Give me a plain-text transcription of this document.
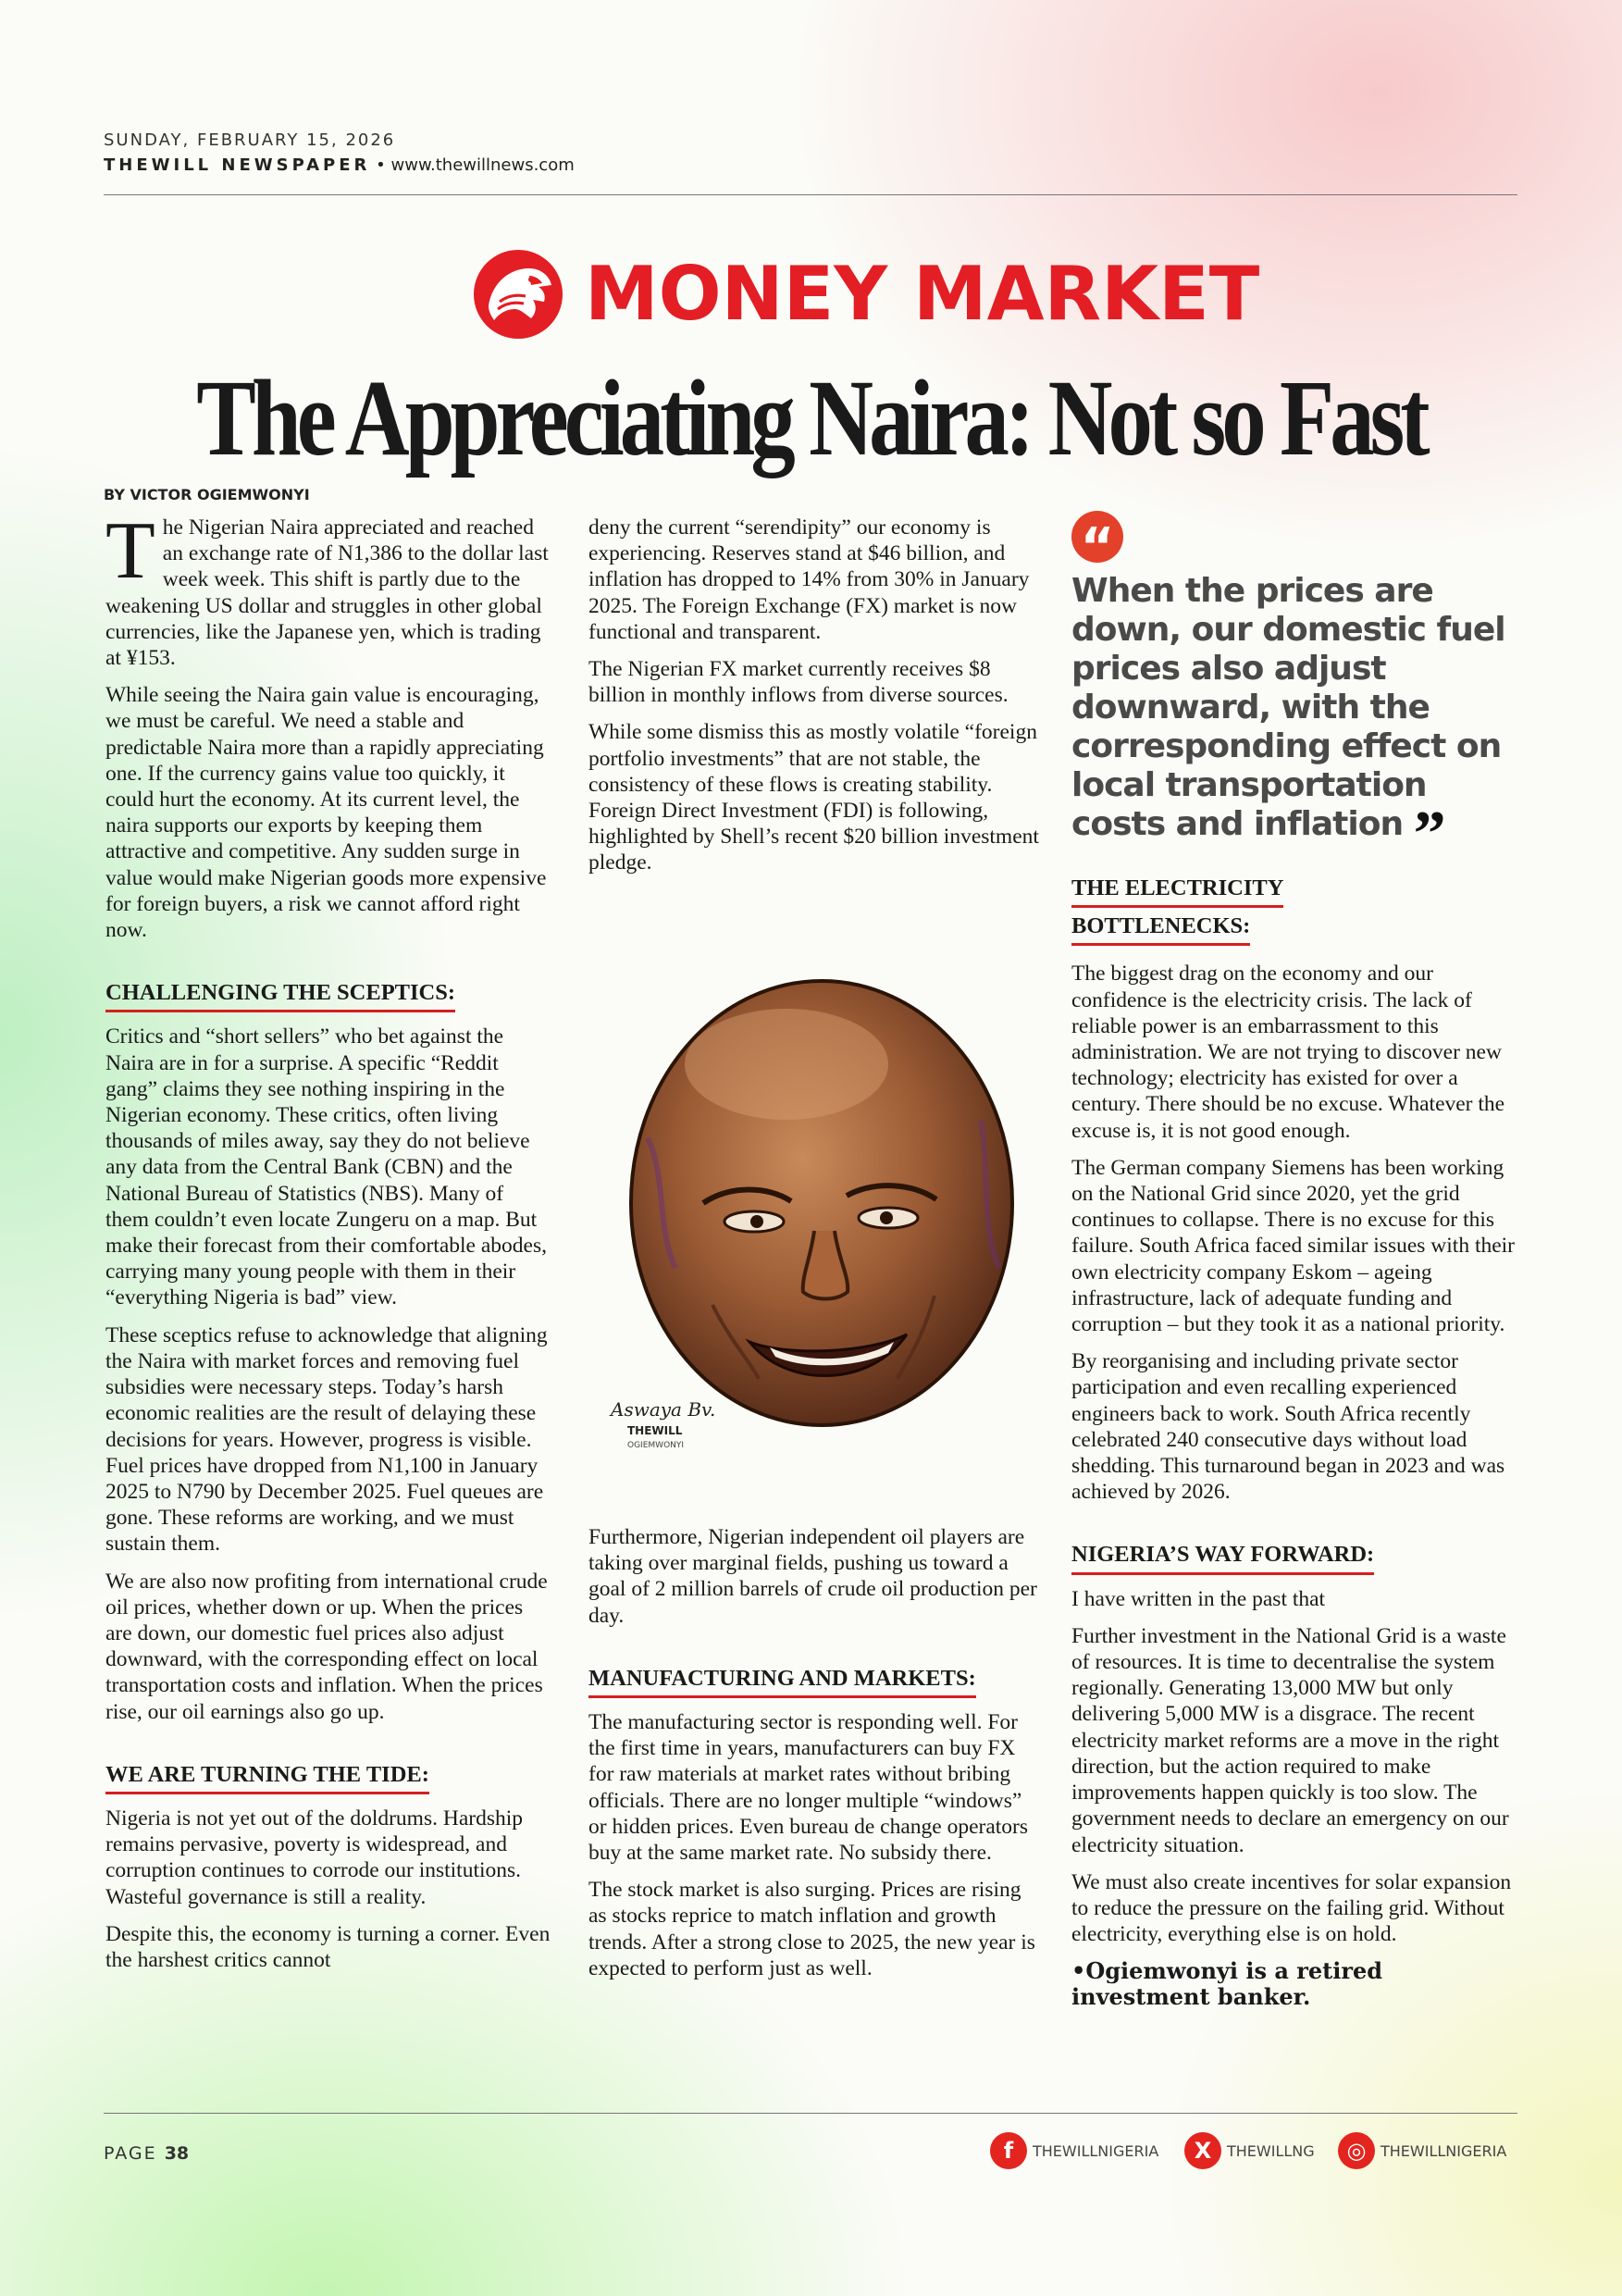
SUNDAY, FEBRUARY 15, 2026
THEWILL NEWSPAPER • www.thewillnews.com
MONEY MARKET
The Appreciating Naira: Not so Fast
BY VICTOR OGIEMWONYI

The Nigerian Naira appreciated and reached an exchange rate of N1,386 to the dollar last week week. This shift is partly due to the weakening US dollar and struggles in other global currencies, like the Japanese yen, which is trading at ¥153.

While seeing the Naira gain value is encouraging, we must be careful. We need a stable and predictable Naira more than a rapidly appreciating one. If the currency gains value too quickly, it could hurt the economy. At its current level, the naira supports our exports by keeping them attractive and competitive. Any sudden surge in value would make Nigerian goods more expensive for foreign buyers, a risk we cannot afford right now.

CHALLENGING THE SCEPTICS:

Critics and “short sellers” who bet against the Naira are in for a surprise. A specific “Reddit gang” claims they see nothing inspiring in the Nigerian economy. These critics, often living thousands of miles away, say they do not believe any data from the Central Bank (CBN) and the National Bureau of Statistics (NBS). Many of them couldn’t even locate Zungeru on a map. But make their forecast from their comfortable abodes, carrying many young people with them in their “everything Nigeria is bad” view.

These sceptics refuse to acknowledge that aligning the Naira with market forces and removing fuel subsidies were necessary steps. Today’s harsh economic realities are the result of delaying these decisions for years. However, progress is visible. Fuel prices have dropped from N1,100 in January 2025 to N790 by December 2025. Fuel queues are gone. These reforms are working, and we must sustain them.

We are also now profiting from international crude oil prices, whether down or up. When the prices are down, our domestic fuel prices also adjust downward, with the corresponding effect on local transportation costs and inflation. When the prices rise, our oil earnings also go up.

WE ARE TURNING THE TIDE:

Nigeria is not yet out of the doldrums. Hardship remains pervasive, poverty is widespread, and corruption continues to corrode our institutions. Wasteful governance is still a reality.

Despite this, the economy is turning a corner. Even the harshest critics cannot

deny the current “serendipity” our economy is experiencing. Reserves stand at $46 billion, and inflation has dropped to 14% from 30% in January 2025. The Foreign Exchange (FX) market is now functional and transparent.

The Nigerian FX market currently receives $8 billion in monthly inflows from diverse sources.

While some dismiss this as mostly volatile “foreign portfolio investments” that are not stable, the consistency of these flows is creating stability. Foreign Direct Investment (FDI) is following, highlighted by Shell’s recent $20 billion investment pledge.

Aswaya Bv.
THEWILL
OGIEMWONYI

Furthermore, Nigerian independent oil players are taking over marginal fields, pushing us toward a goal of 2 million barrels of crude oil production per day.

MANUFACTURING AND MARKETS:

The manufacturing sector is responding well. For the first time in years, manufacturers can buy FX for raw materials at market rates without bribing officials. There are no longer multiple “windows” or hidden prices. Even bureau de change operators buy at the same market rate. No subsidy there.

The stock market is also surging. Prices are rising as stocks reprice to match inflation and growth trends. After a strong close to 2025, the new year is expected to perform just as well.

“
When the prices are down, our domestic fuel prices also adjust downward, with the corresponding effect on local transportation costs and inflation ”
THE ELECTRICITY
BOTTLENECKS:

The biggest drag on the economy and our confidence is the electricity crisis. The lack of reliable power is an embarrassment to this administration. We are not trying to discover new technology; electricity has existed for over a century. There should be no excuse. Whatever the excuse is, it is not good enough.

The German company Siemens has been working on the National Grid since 2020, yet the grid continues to collapse. There is no excuse for this failure. South Africa faced similar issues with their own electricity company Eskom – ageing infrastructure, lack of adequate funding and corruption – but they took it as a national priority.

By reorganising and including private sector participation and even recalling experienced engineers back to work. South Africa recently celebrated 240 consecutive days without load shedding. This turnaround began in 2023 and was achieved by 2026.

NIGERIA’S WAY FORWARD:

I have written in the past that

Further investment in the National Grid is a waste of resources. It is time to decentralise the system regionally. Generating 13,000 MW but only delivering 5,000 MW is a disgrace. The recent electricity market reforms are a move in the right direction, but the action required to make improvements happen quickly is too slow. The government needs to declare an emergency on our electricity situation.

We must also create incentives for solar expansion to reduce the pressure on the failing grid. Without electricity, everything else is on hold.

•Ogiemwonyi is a retired investment banker.

PAGE 38	f	THEWILLNIGERIA	X	THEWILLNG	◎ THEWILLNIGERIA
